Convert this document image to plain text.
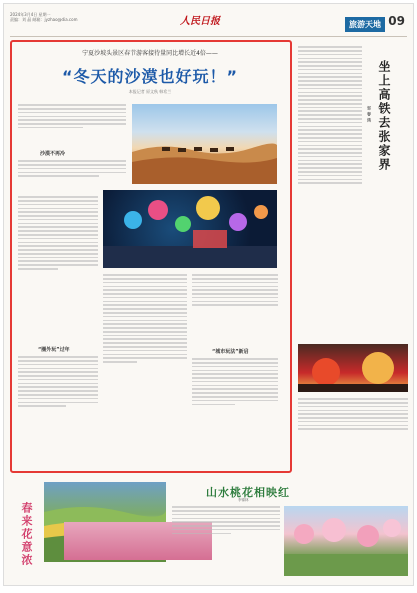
2024年3月4日 星期一
责编：刘 晶 邮箱：jyzhao@dia.com	人民日报	旅游天地 09
宁夏沙坡头景区春节游客接待量同比增长近4倍——
“冬天的沙漠也好玩！”
本报记者 原文秋 韩希兰
沙漠不再冷
“圈外玩”过年	“城市玩法”新启
坐上高铁去张家界
邹春鸿
春来花意浓
山水桃花相映红
李锦林
